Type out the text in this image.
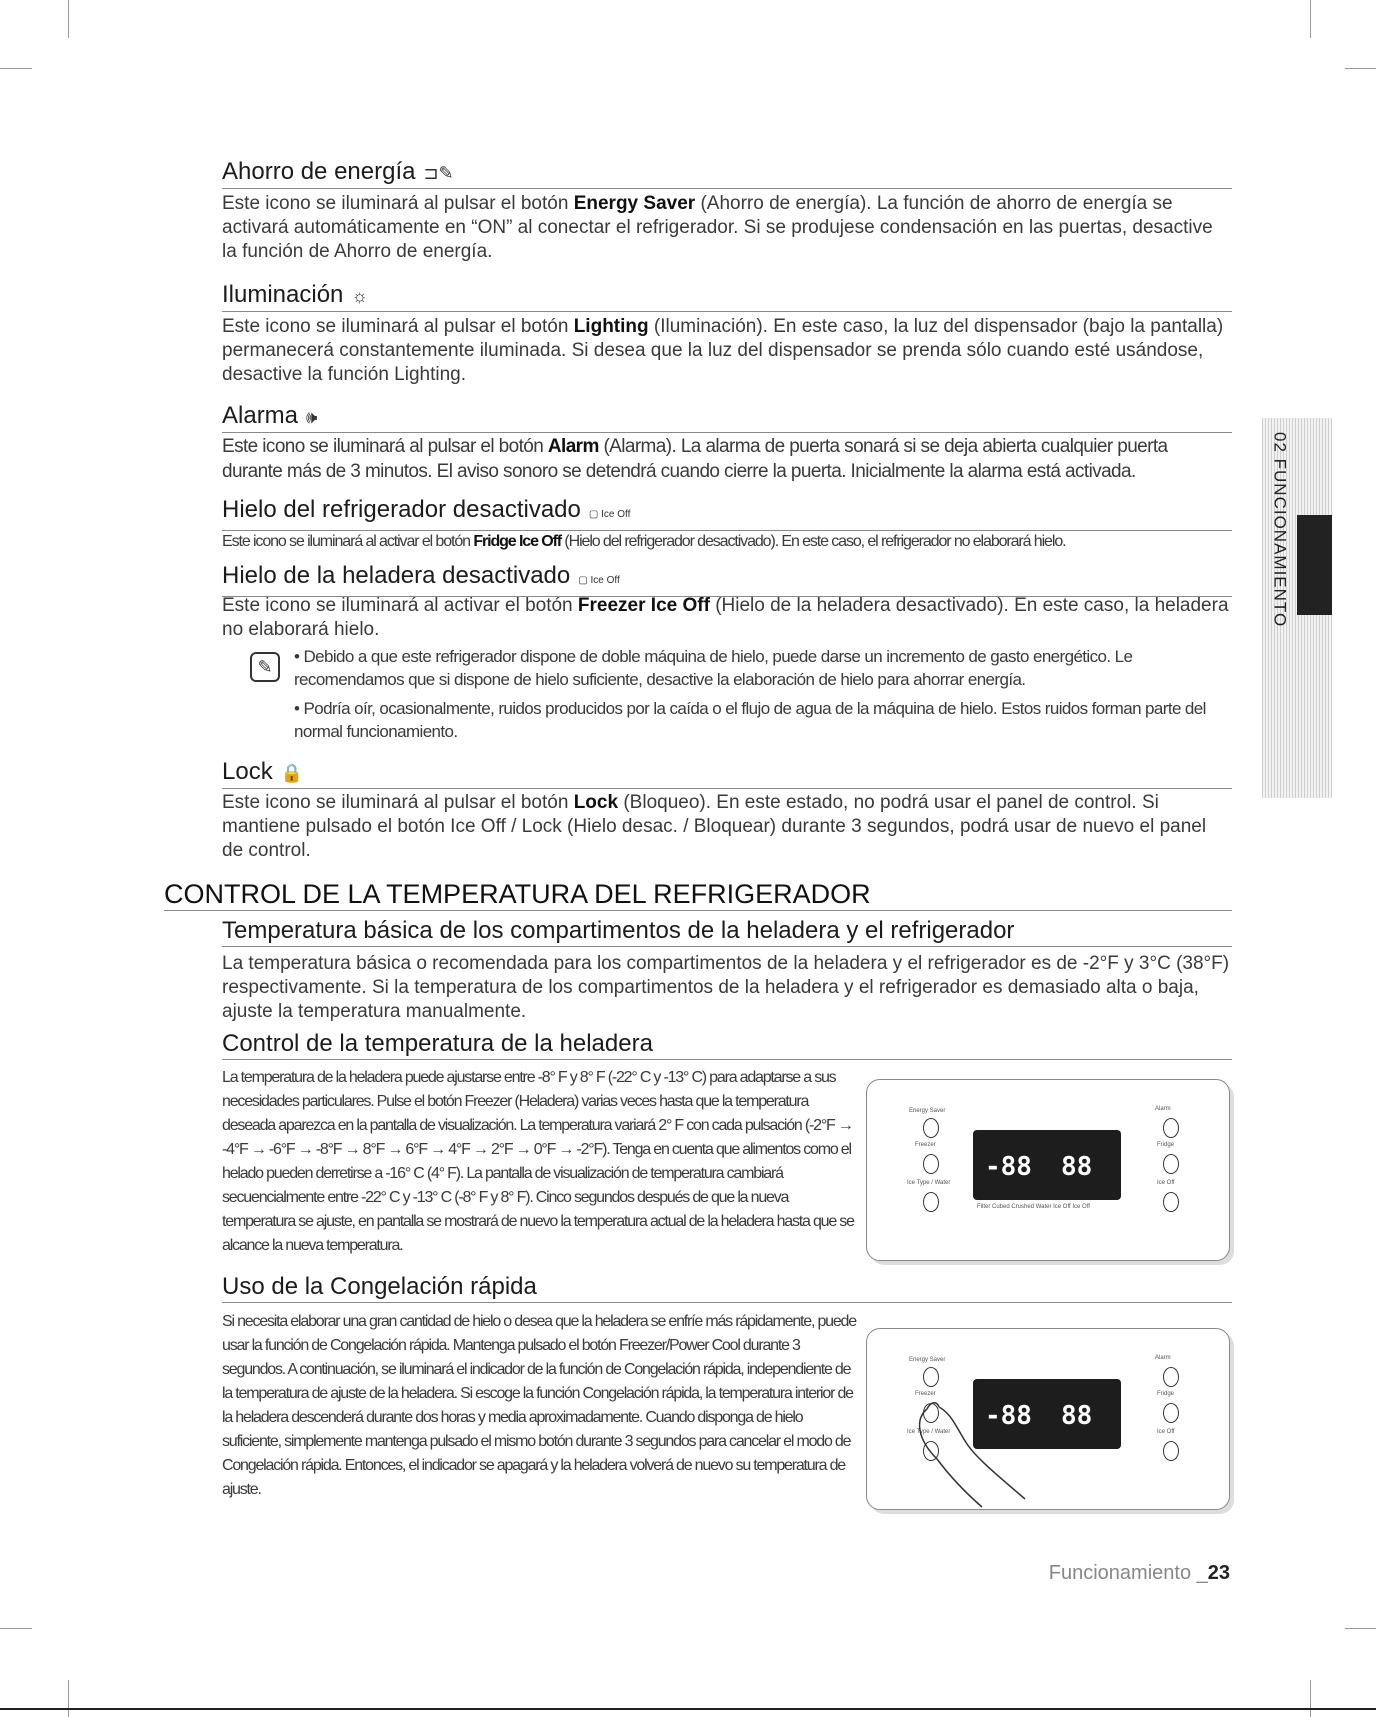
02 FUNCIONAMIENTO
Ahorro de energía ⊐✎

Este icono se iluminará al pulsar el botón Energy Saver (Ahorro de energía). La función de ahorro de energía se activará automáticamente en “ON” al conectar el refrigerador. Si se produjese condensación en las puertas, desactive la función de Ahorro de energía.

Iluminación ☼

Este icono se iluminará al pulsar el botón Lighting (Iluminación). En este caso, la luz del dispensador (bajo la pantalla) permanecerá constantemente iluminada. Si desea que la luz del dispensador se prenda sólo cuando esté usándose, desactive la función Lighting.

Alarma 🕪

Este icono se iluminará al pulsar el botón Alarm (Alarma). La alarma de puerta sonará si se deja abierta cualquier puerta durante más de 3 minutos. El aviso sonoro se detendrá cuando cierre la puerta. Inicialmente la alarma está activada.

Hielo del refrigerador desactivado ▢ Ice Off

Este icono se iluminará al activar el botón Fridge Ice Off (Hielo del refrigerador desactivado). En este caso, el refrigerador no elaborará hielo.

Hielo de la heladera desactivado ▢ Ice Off

Este icono se iluminará al activar el botón Freezer Ice Off (Hielo de la heladera desactivado). En este caso, la heladera no elaborará hielo.

✎

• Debido a que este refrigerador dispone de doble máquina de hielo, puede darse un incremento de gasto energético. Le recomendamos que si dispone de hielo suficiente, desactive la elaboración de hielo para ahorrar energía.

• Podría oír, ocasionalmente, ruidos producidos por la caída o el flujo de agua de la máquina de hielo. Estos ruidos forman parte del normal funcionamiento.

Lock 🔒

Este icono se iluminará al pulsar el botón Lock (Bloqueo). En este estado, no podrá usar el panel de control. Si mantiene pulsado el botón Ice Off / Lock (Hielo desac. / Bloquear) durante 3 segundos, podrá usar de nuevo el panel de control.

CONTROL DE LA TEMPERATURA DEL REFRIGERADOR
Temperatura básica de los compartimentos de la heladera y el refrigerador

La temperatura básica o recomendada para los compartimentos de la heladera y el refrigerador es de -2°F y 3°C (38°F) respectivamente. Si la temperatura de los compartimentos de la heladera y el refrigerador es demasiado alta o baja, ajuste la temperatura manualmente.

Control de la temperatura de la heladera

La temperatura de la heladera puede ajustarse entre -8° F y 8° F (-22° C y -13° C) para adaptarse a sus necesidades particulares. Pulse el botón Freezer (Heladera) varias veces hasta que la temperatura deseada aparezca en la pantalla de visualización. La temperatura variará 2° F con cada pulsación (-2°F → -4°F → -6°F → -8°F → 8°F → 6°F → 4°F → 2°F → 0°F → -2°F). Tenga en cuenta que alimentos como el helado pueden derretirse a -16° C (4° F). La pantalla de visualización de temperatura cambiará secuencialmente entre -22° C y -13° C (-8° F y 8° F). Cinco segundos después de que la nueva temperatura se ajuste, en pantalla se mostrará de nuevo la temperatura actual de la heladera hasta que se alcance la nueva temperatura.

Energy Saver
Freezer
Ice Type / Water
Alarm
Fridge
Ice Off
-88 88
Filter Cubed Crushed Water Ice Off Ice Off
Uso de la Congelación rápida

Si necesita elaborar una gran cantidad de hielo o desea que la heladera se enfríe más rápidamente, puede usar la función de Congelación rápida. Mantenga pulsado el botón Freezer/Power Cool durante 3 segundos. A continuación, se iluminará el indicador de la función de Congelación rápida, independiente de la temperatura de ajuste de la heladera. Si escoge la función Congelación rápida, la temperatura interior de la heladera descenderá durante dos horas y media aproximadamente. Cuando disponga de hielo suficiente, simplemente mantenga pulsado el mismo botón durante 3 segundos para cancelar el modo de Congelación rápida. Entonces, el indicador se apagará y la heladera volverá de nuevo su temperatura de ajuste.

Energy Saver
Freezer
Ice Type / Water
Alarm
Fridge
Ice Off
-88 88
Funcionamiento _23
